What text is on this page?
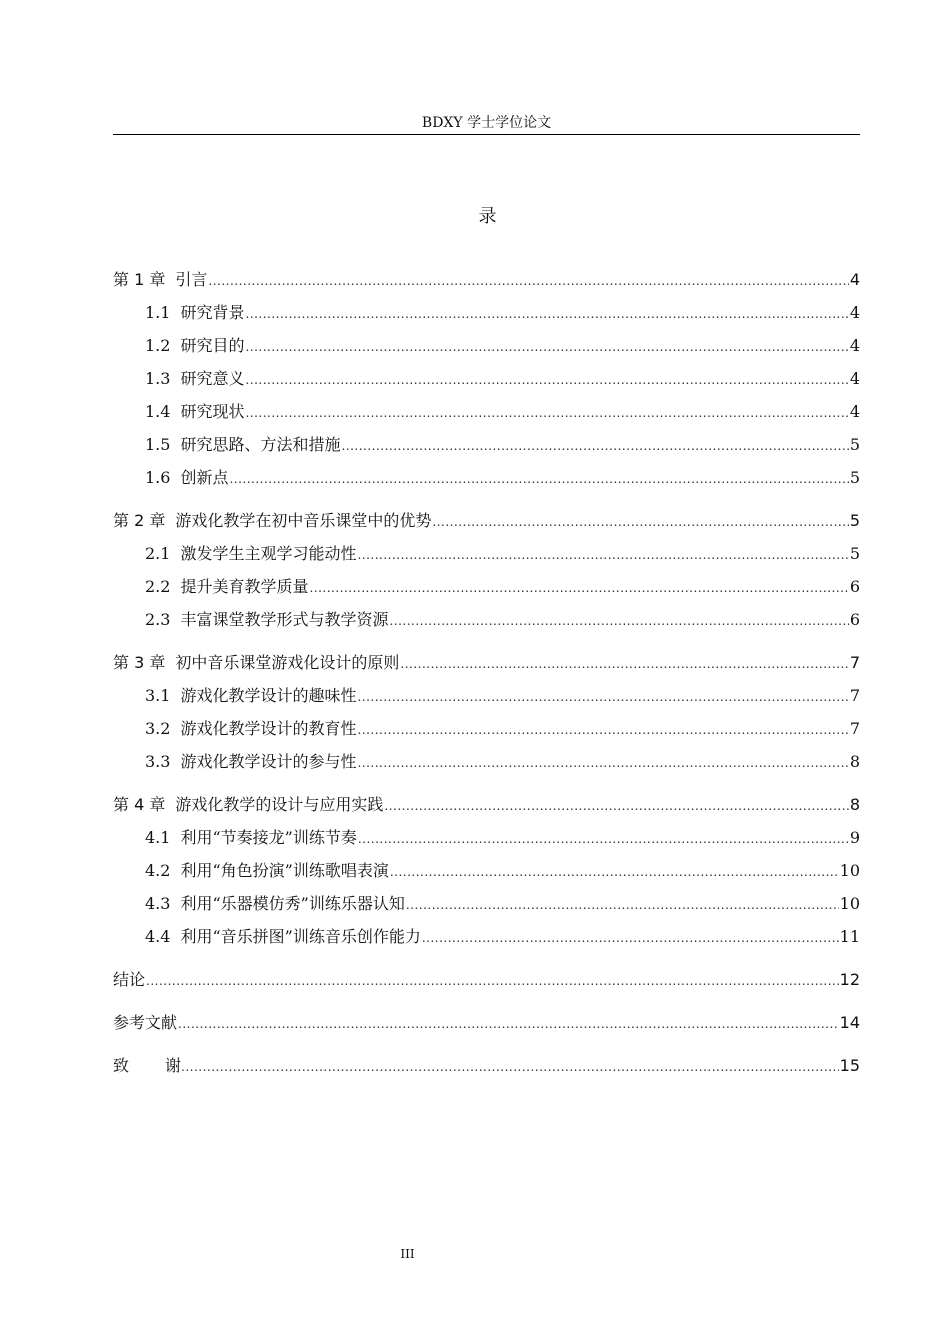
BDXY 学士学位论文
录
第 1 章 引言 .....	4
1.1 研究背景 .....	4
1.2 研究目的 .....	4
1.3 研究意义 .....	4
1.4 研究现状 .....	4
1.5 研究思路、方法和措施 .....	5
1.6 创新点 .....	5
第 2 章 游戏化教学在初中音乐课堂中的优势 .....	5
2.1 激发学生主观学习能动性 .....	5
2.2 提升美育教学质量 .....	6
2.3 丰富课堂教学形式与教学资源 .....	6
第 3 章 初中音乐课堂游戏化设计的原则 .....	7
3.1 游戏化教学设计的趣味性 .....	7
3.2 游戏化教学设计的教育性 .....	7
3.3 游戏化教学设计的参与性 .....	8
第 4 章 游戏化教学的设计与应用实践 .....	8
4.1 利用“节奏接龙”训练节奏 .....	9
4.2 利用“角色扮演”训练歌唱表演 .....	10
4.3 利用“乐器模仿秀”训练乐器认知 .....	10
4.4 利用“音乐拼图”训练音乐创作能力 .....	11
结论 .....	12
参考文献 .....	14
致谢 .....	15
III
